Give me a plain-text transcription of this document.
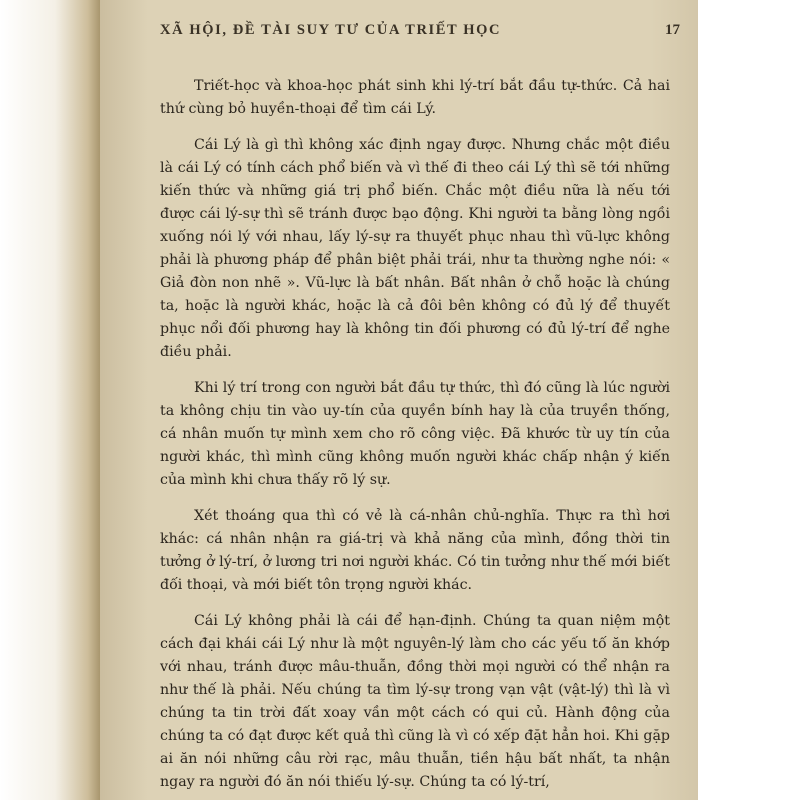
XÃ HỘI, ĐỀ TÀI SUY TƯ CỦA TRIẾT HỌC	17

Triết-học và khoa-học phát sinh khi lý-trí bắt đầu tự-thức. Cả hai thứ cùng bỏ huyền-thoại để tìm cái Lý.

Cái Lý là gì thì không xác định ngay được. Nhưng chắc một điều là cái Lý có tính cách phổ biến và vì thế đi theo cái Lý thì sẽ tới những kiến thức và những giá trị phổ biến. Chắc một điều nữa là nếu tới được cái lý-sự thì sẽ tránh được bạo động. Khi người ta bằng lòng ngồi xuống nói lý với nhau, lấy lý-sự ra thuyết phục nhau thì vũ-lực không phải là phương pháp để phân biệt phải trái, như ta thường nghe nói: « Giả đòn non nhẽ ». Vũ-lực là bất nhân. Bất nhân ở chỗ hoặc là chúng ta, hoặc là người khác, hoặc là cả đôi bên không có đủ lý để thuyết phục nổi đối phương hay là không tin đối phương có đủ lý-trí để nghe điều phải.

Khi lý trí trong con người bắt đầu tự thức, thì đó cũng là lúc người ta không chịu tin vào uy-tín của quyền bính hay là của truyền thống, cá nhân muốn tự mình xem cho rõ công việc. Đã khước từ uy tín của người khác, thì mình cũng không muốn người khác chấp nhận ý kiến của mình khi chưa thấy rõ lý sự.

Xét thoáng qua thì có vẻ là cá-nhân chủ-nghĩa. Thực ra thì hơi khác: cá nhân nhận ra giá-trị và khả năng của mình, đồng thời tin tưởng ở lý-trí, ở lương tri nơi người khác. Có tin tưởng như thế mới biết đối thoại, và mới biết tôn trọng người khác.

Cái Lý không phải là cái để hạn-định. Chúng ta quan niệm một cách đại khái cái Lý như là một nguyên-lý làm cho các yếu tố ăn khớp với nhau, tránh được mâu-thuẫn, đồng thời mọi người có thể nhận ra như thế là phải. Nếu chúng ta tìm lý-sự trong vạn vật (vật-lý) thì là vì chúng ta tin trời đất xoay vần một cách có qui củ. Hành động của chúng ta có đạt được kết quả thì cũng là vì có xếp đặt hẳn hoi. Khi gặp ai ăn nói những câu rời rạc, mâu thuẫn, tiền hậu bất nhất, ta nhận ngay ra người đó ăn nói thiếu lý-sự. Chúng ta có lý-trí,
